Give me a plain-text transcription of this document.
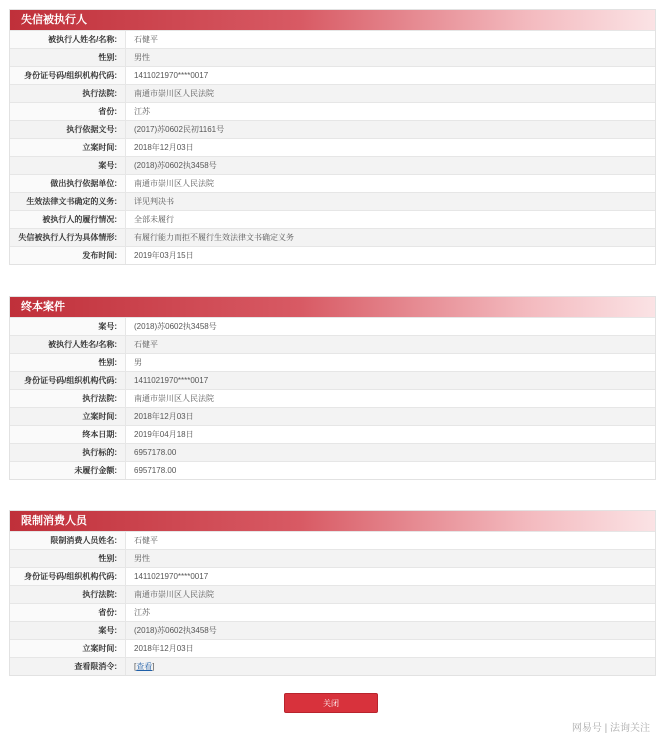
失信被执行人
被执行人姓名/名称:	石健平
性别:	男性
身份证号码/组织机构代码:	1411021970****0017
执行法院:	南通市崇川区人民法院
省份:	江苏
执行依据文号:	(2017)苏0602民初1161号
立案时间:	2018年12月03日
案号:	(2018)苏0602执3458号
做出执行依据单位:	南通市崇川区人民法院
生效法律文书确定的义务:	详见判决书
被执行人的履行情况:	全部未履行
失信被执行人行为具体情形:	有履行能力而拒不履行生效法律文书确定义务
发布时间:	2019年03月15日
终本案件
案号:	(2018)苏0602执3458号
被执行人姓名/名称:	石健平
性别:	男
身份证号码/组织机构代码:	1411021970****0017
执行法院:	南通市崇川区人民法院
立案时间:	2018年12月03日
终本日期:	2019年04月18日
执行标的:	6957178.00
未履行金额:	6957178.00
限制消费人员
限制消费人员姓名:	石健平
性别:	男性
身份证号码/组织机构代码:	1411021970****0017
执行法院:	南通市崇川区人民法院
省份:	江苏
案号:	(2018)苏0602执3458号
立案时间:	2018年12月03日
查看限消令:	[查看]
关闭
网易号 | 法询关注
